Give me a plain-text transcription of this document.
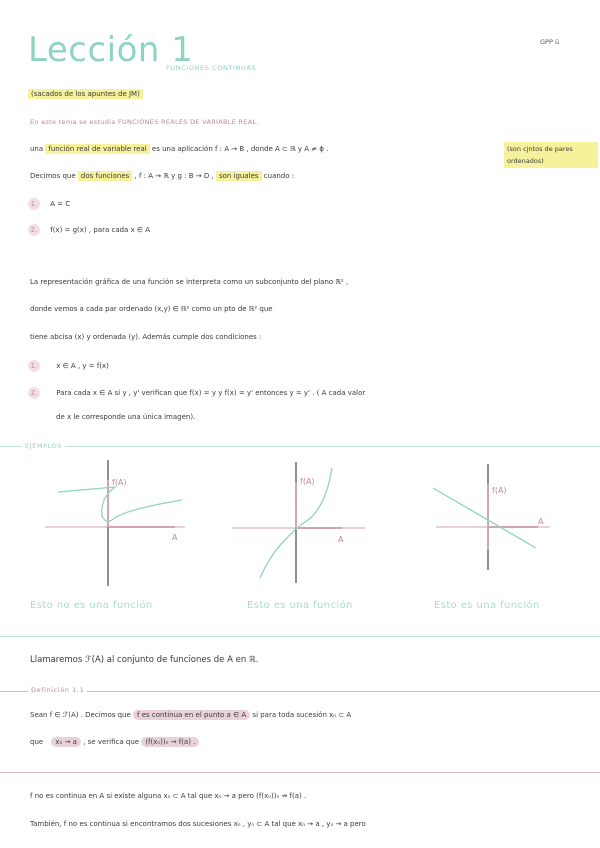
Lección 1
FUNCIONES CONTINUAS
GPP ü
(sacados de los apuntes de JM)
En este tema se estudia FUNCIONES REALES DE VARIABLE REAL.
una función real de variable real es una aplicación f : A → B , donde A ⊂ ℝ y A ≠ ϕ .	(son cjntos de pares ordenados)
Decimos que dos funciones , f : A → ℝ y g : B → D , son iguales cuando :
1. A = C
2. f(x) = g(x) , para cada x ∈ A
La representación gráfica de una función se interpreta como un subconjunto del plano ℝ² ,
donde vemos a cada par ordenado (x,y) ∈ ℝ² como un pto de ℝ² que
tiene abcisa (x) y ordenada (y). Además cumple dos condiciones :
1.	x ∈ A , y = f(x)
2.	Para cada x ∈ A si y , y' verifican que f(x) = y y f(x) = y' entonces y = y' . ( A cada valor
de x le corresponde una única imagen).
EJEMPLOS
f(A)
A
f(A)
A
f(A)
A
Esto no es una función	Esto es una función	Esto es una función
Llamaremos ℱ(A) al conjunto de funciones de A en ℝ.
Definición 1.1
Sean f ∈ ℱ(A) . Decimos que f es continua en el punto a ∈ A si para toda sucesión xₙ ⊂ A
que xₙ → a , se verifica que (f(xₙ))ₙ → f(a) .
f no es continua en A si existe alguna xₙ ⊂ A tal que xₙ → a pero (f(xₙ))ₙ ↛ f(a) .
También, f no es continua si encontramos dos sucesiones xₙ , yₙ ⊂ A tal que xₙ → a , yₙ → a pero
